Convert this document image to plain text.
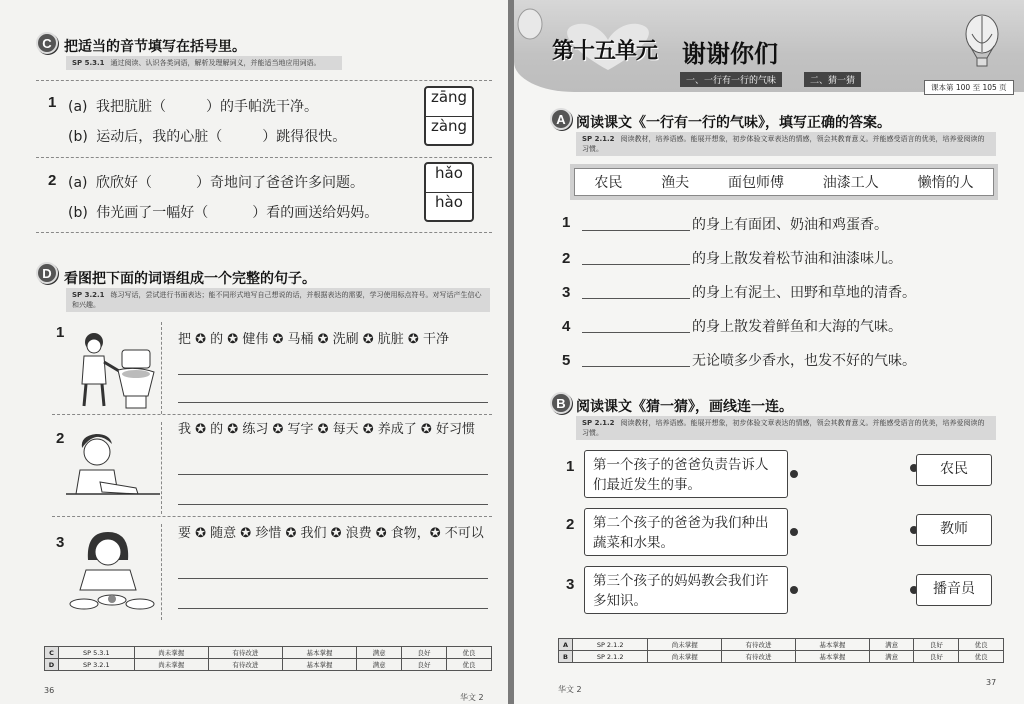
C 把适当的音节填写在括号里。
SP 5.3.1 通过阅读、认识各类词语，解析及理解词义，并能适当地应用词语。
1 (a) 我把肮脏（	）的手帕洗干净。
(b) 运动后，我的心脏（	）跳得很快。
zāng
zàng
2 (a) 欣欣好（	）奇地问了爸爸许多问题。
(b) 伟光画了一幅好（	）看的画送给妈妈。
hǎo
hào
D 看图把下面的词语组成一个完整的句子。
SP 3.2.1 练习写话，尝试进行书面表达；能不同形式地写自己想说的话，并根据表达的需要，学习使用标点符号。对写话产生信心和兴趣。
1	把 ✪ 的 ✪ 健伟 ✪ 马桶 ✪ 洗刷 ✪ 肮脏 ✪ 干净
2
我 ✪ 的 ✪ 练习 ✪ 写字 ✪ 每天 ✪ 养成了 ✪ 好习惯
3
要 ✪ 随意 ✪ 珍惜 ✪ 我们 ✪ 浪费 ✪ 食物，✪ 不可以
C	SP 5.3.1	尚未掌握	有待改进	基本掌握	满意	良好	优良
D	SP 3.2.1	尚未掌握	有待改进	基本掌握	满意	良好	优良
36
华文 2
第十五单元 谢谢你们
一、一行有一行的气味	二、猜一猜
课本第 100 至 105 页
A 阅读课文《一行有一行的气味》，填写正确的答案。
SP 2.1.2 阅读教材，培养语感。能展开想象，初步体验文章表达的情感，领会其教育意义。并能感受语言的优美，培养爱阅读的习惯。
农民	渔夫	面包师傅	油漆工人	懒惰的人
1	的身上有面团、奶油和鸡蛋香。
2	的身上散发着松节油和油漆味儿。
3	的身上有泥土、田野和草地的清香。
4	的身上散发着鲜鱼和大海的气味。
5	无论喷多少香水，也发不好的气味。
B 阅读课文《猜一猜》，画线连一连。
SP 2.1.2 阅读教材，培养语感。能展开想象，初步体验文章表达的情感，领会其教育意义。并能感受语言的优美，培养爱阅读的习惯。
1	第一个孩子的爸爸负责告诉人们最近发生的事。
农民
2	第二个孩子的爸爸为我们种出蔬菜和水果。
教师
3	第三个孩子的妈妈教会我们许多知识。
播音员
A	SP 2.1.2	尚未掌握	有待改进	基本掌握	满意	良好	优良
B	SP 2.1.2	尚未掌握	有待改进	基本掌握	满意	良好	优良
华文 2
37
